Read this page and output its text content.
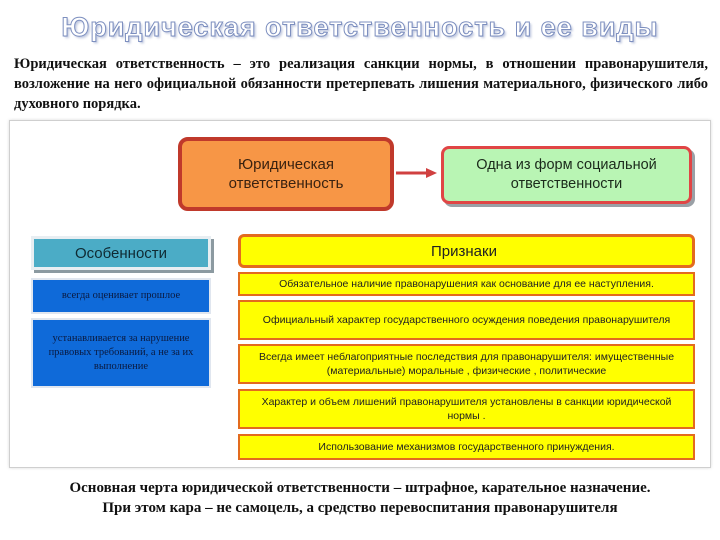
Юридическая ответственность и ее виды
Юридическая ответственность – это реализация санкции нормы, в отношении правонарушителя, возложение на него официальной обязанности претерпевать лишения материального, физического либо духовного порядка.
Юридическая ответственность
Одна из форм социальной ответственности
Особенности
всегда оценивает прошлое
устанавливается за нарушение правовых требований, а не за их выполнение
Признаки
Обязательное наличие правонарушения как основание для ее наступления.
Официальный характер государственного осуждения поведения правонарушителя
Всегда имеет неблагоприятные последствия для правонарушителя: имущественные (материальные) моральные , физические , политические
Характер и объем лишений правонарушителя установлены в санкции юридической нормы .
Использование механизмов государственного принуждения.
Основная черта юридической ответственности – штрафное, карательное назначение.
При этом кара – не самоцель, а средство перевоспитания правонарушителя
